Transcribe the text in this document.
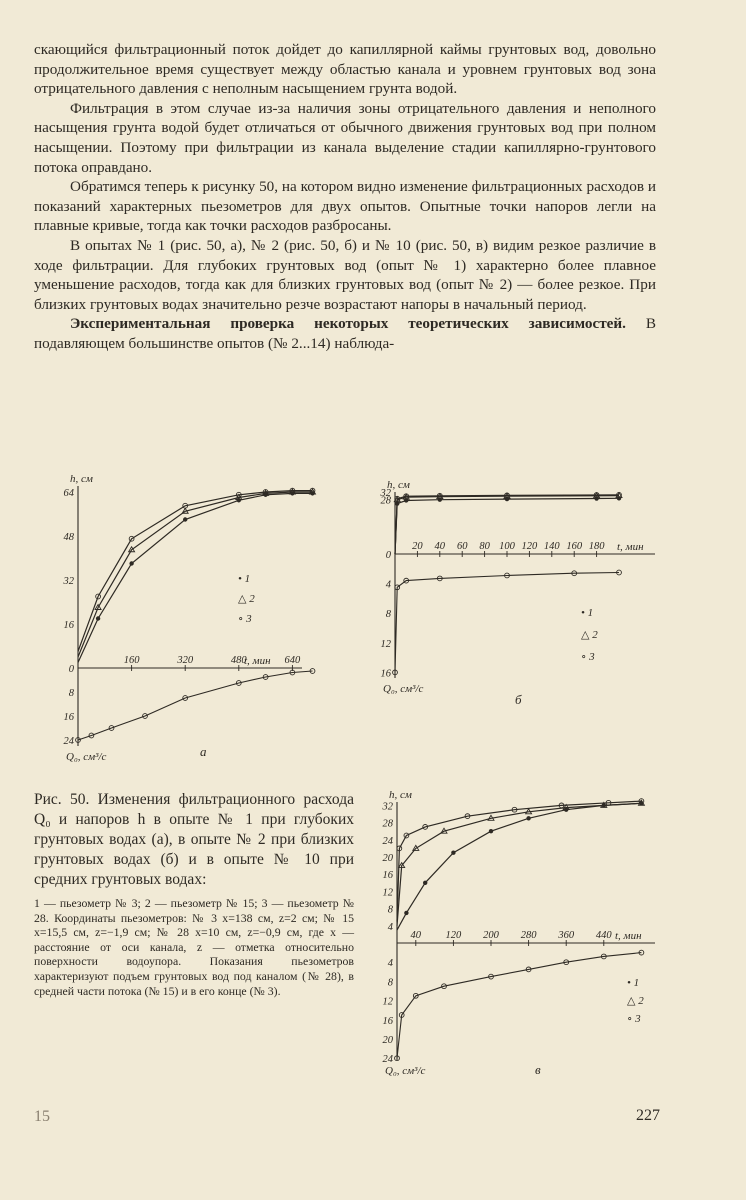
скающийся фильтрационный поток дойдет до капиллярной каймы грунтовых вод, довольно продолжительное время существует между областью канала и уровнем грунтовых вод зона отрицательного давления с неполным насыщением грунта водой.

Фильтрация в этом случае из-за наличия зоны отрицательного давления и неполного насыщения грунта водой будет отличаться от обычного движения грунтовых вод при полном насыщении. Поэтому при фильтрации из канала выделение стадии капиллярно-грунтового потока оправдано.

Обратимся теперь к рисунку 50, на котором видно изменение фильтрационных расходов и показаний характерных пьезометров для двух опытов. Опытные точки напоров легли на плавные кривые, тогда как точки расходов разбросаны.

В опытах № 1 (рис. 50, а), № 2 (рис. 50, б) и № 10 (рис. 50, в) видим резкое различие в ходе фильтрации. Для глубоких грунтовых вод (опыт № 1) характерно более плавное уменьшение расходов, тогда как для близких грунтовых вод (опыт № 2) — более резкое. При близких грунтовых водах значительно резче возрастают напоры в начальный период.

Экспериментальная проверка некоторых теоретических зависимостей. В подавляющем большинстве опытов (№ 2...14) наблюда-

h, см
t, мин
Q₀, см³/с
160	320	480	640
64
48
32
16
0
8
16
24
• 1
△ 2
∘ 3
а
h, см
t, мин
Q₀, см³/с
20 40 60 80 100 120 140 160 180
32
28
0
4
8
12
16
• 1
△ 2
∘ 3
б
h, см
t, мин
Q₀, см³/с
40 120 200 280 360 440
32
28
24
20
16
12
8
4
4
8
12
16
20
24
• 1
△ 2
∘ 3
в
Рис. 50. Изменения фильтрационного расхода Q₀ и напоров h в опыте № 1 при глубоких грунтовых водах (а), в опыте № 2 при близких грунтовых водах (б) и в опыте № 10 при средних грунтовых водах:
1 — пьезометр № 3; 2 — пьезометр № 15; 3 — пьезометр № 28. Координаты пьезометров: № 3 x=138 см, z=2 см; № 15 x=15,5 см, z=−1,9 см; № 28 x=10 см, z=−0,9 см, где x — расстояние от оси канала, z — отметка относительно поверхности водоупора. Показания пьезометров характеризуют подъем грунтовых вод под каналом (№ 28), в средней части потока (№ 15) и в его конце (№ 3).
15	227
